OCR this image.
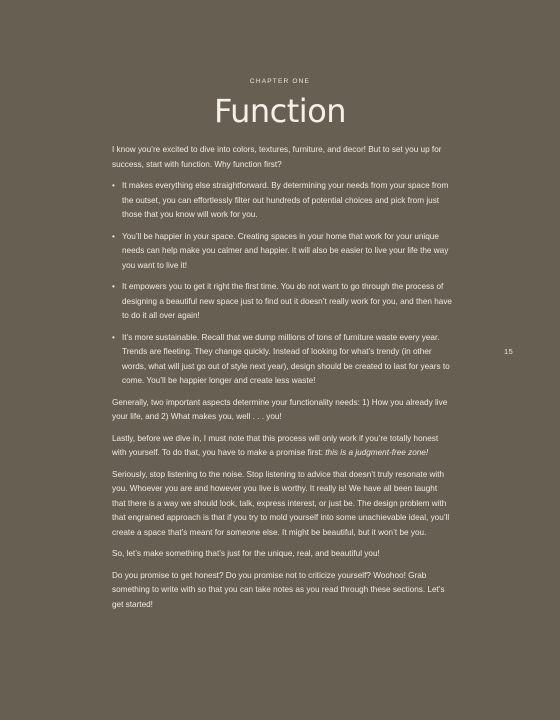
CHAPTER ONE
Function

I know you’re excited to dive into colors, textures, furniture, and decor! But to set you up for success, start with function. Why function first?

• It makes everything else straightforward. By determining your needs from your space from the outset, you can effortlessly filter out hundreds of potential choices and pick from just those that you know will work for you.
• You’ll be happier in your space. Creating spaces in your home that work for your unique needs can help make you calmer and happier. It will also be easier to live your life the way you want to live it!
• It empowers you to get it right the first time. You do not want to go through the process of designing a beautiful new space just to find out it doesn’t really work for you, and then have to do it all over again!
• It’s more sustainable. Recall that we dump millions of tons of furniture waste every year. Trends are fleeting. They change quickly. Instead of looking for what’s trendy (in other words, what will just go out of style next year), design should be created to last for years to come. You’ll be happier longer and create less waste!

Generally, two important aspects determine your functionality needs: 1) How you already live your life, and 2) What makes you, well . . . you!

Lastly, before we dive in, I must note that this process will only work if you’re totally honest with yourself. To do that, you have to make a promise first: this is a judgment-free zone!

Seriously, stop listening to the noise. Stop listening to advice that doesn’t truly resonate with you. Whoever you are and however you live is worthy. It really is! We have all been taught that there is a way we should look, talk, express interest, or just be. The design problem with that engrained approach is that if you try to mold yourself into some unachievable ideal, you’ll create a space that’s meant for someone else. It might be beautiful, but it won’t be you.

So, let’s make something that’s just for the unique, real, and beautiful you!

Do you promise to get honest? Do you promise not to criticize yourself? Woohoo! Grab something to write with so that you can take notes as you read through these sections. Let’s get started!

15
